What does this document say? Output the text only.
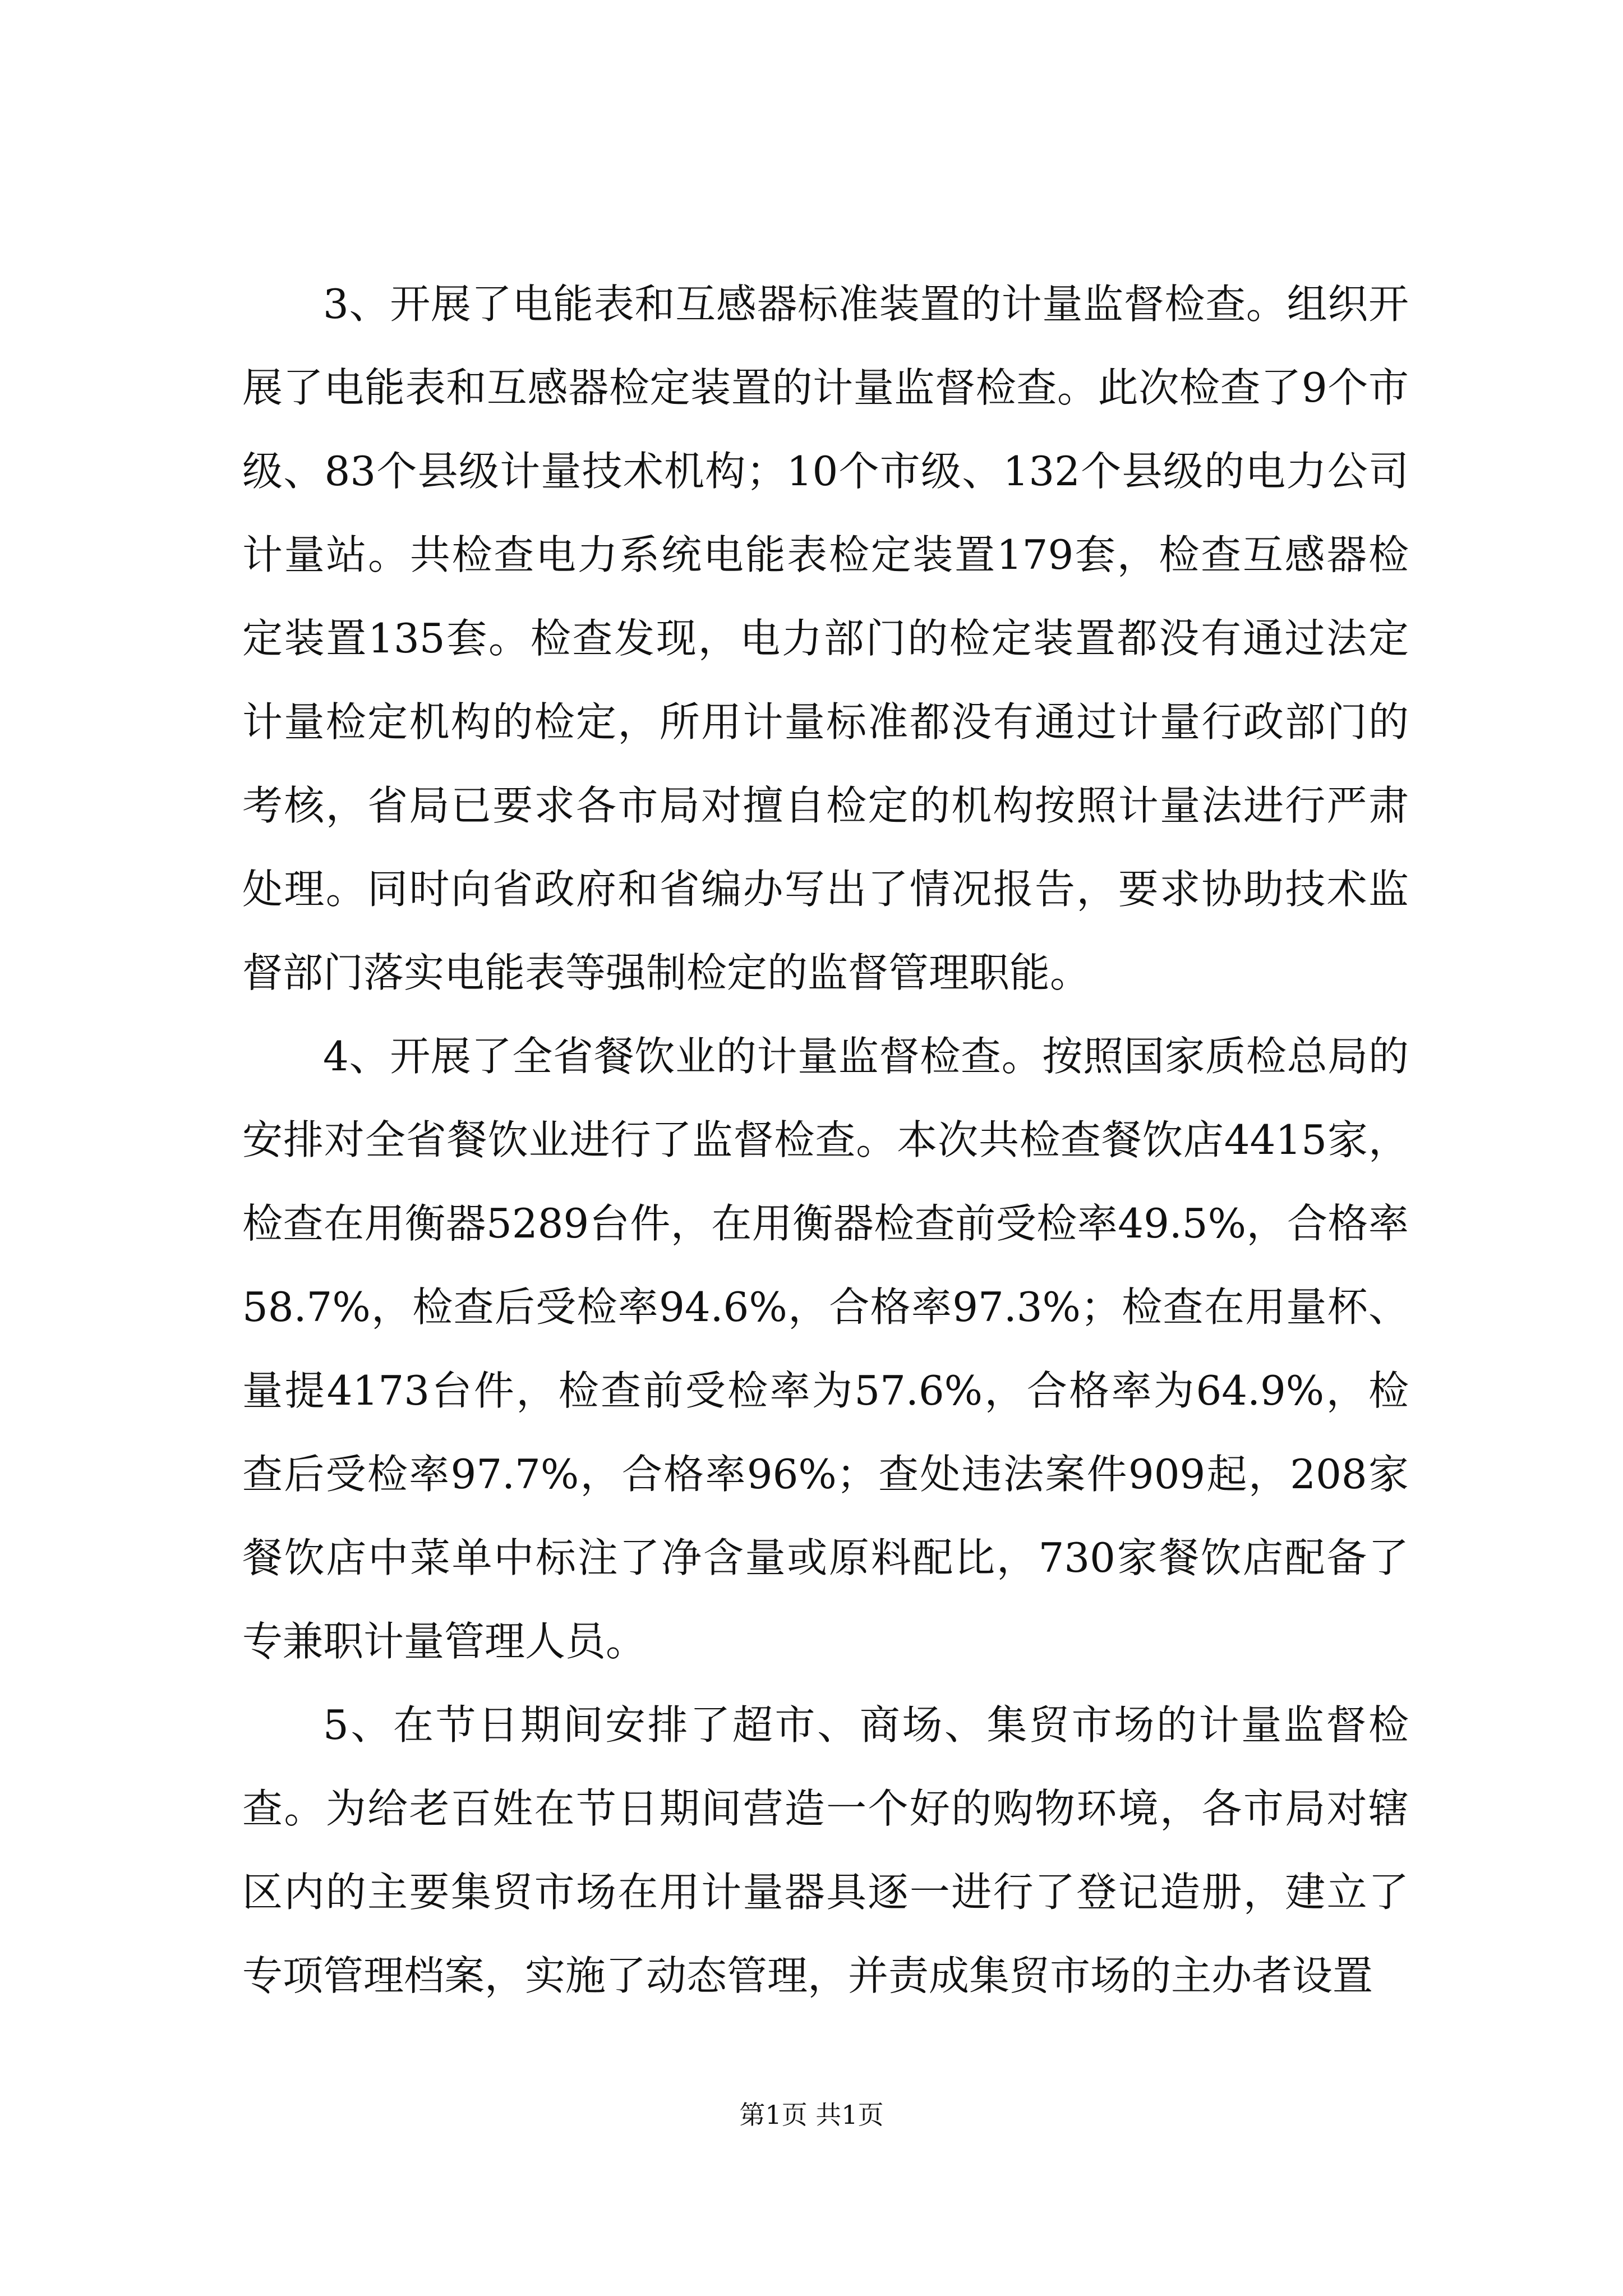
3、开展了电能表和互感器标准装置的计量监督检查。组织开展了电能表和互感器检定装置的计量监督检查。此次检查了9个市级、83个县级计量技术机构；10个市级、132个县级的电力公司计量站。共检查电力系统电能表检定装置179套，检查互感器检定装置135套。检查发现，电力部门的检定装置都没有通过法定计量检定机构的检定，所用计量标准都没有通过计量行政部门的考核，省局已要求各市局对擅自检定的机构按照计量法进行严肃处理。同时向省政府和省编办写出了情况报告，要求协助技术监督部门落实电能表等强制检定的监督管理职能。

4、开展了全省餐饮业的计量监督检查。按照国家质检总局的安排对全省餐饮业进行了监督检查。本次共检查餐饮店4415家，检查在用衡器5289台件，在用衡器检查前受检率49.5%，合格率58.7%，检查后受检率94.6%，合格率97.3%；检查在用量杯、量提4173台件，检查前受检率为57.6%，合格率为64.9%，检查后受检率97.7%，合格率96%；查处违法案件909起，208家餐饮店中菜单中标注了净含量或原料配比，730家餐饮店配备了专兼职计量管理人员。

5、在节日期间安排了超市、商场、集贸市场的计量监督检查。为给老百姓在节日期间营造一个好的购物环境，各市局对辖区内的主要集贸市场在用计量器具逐一进行了登记造册，建立了专项管理档案，实施了动态管理，并责成集贸市场的主办者设置

第1页 共1页
